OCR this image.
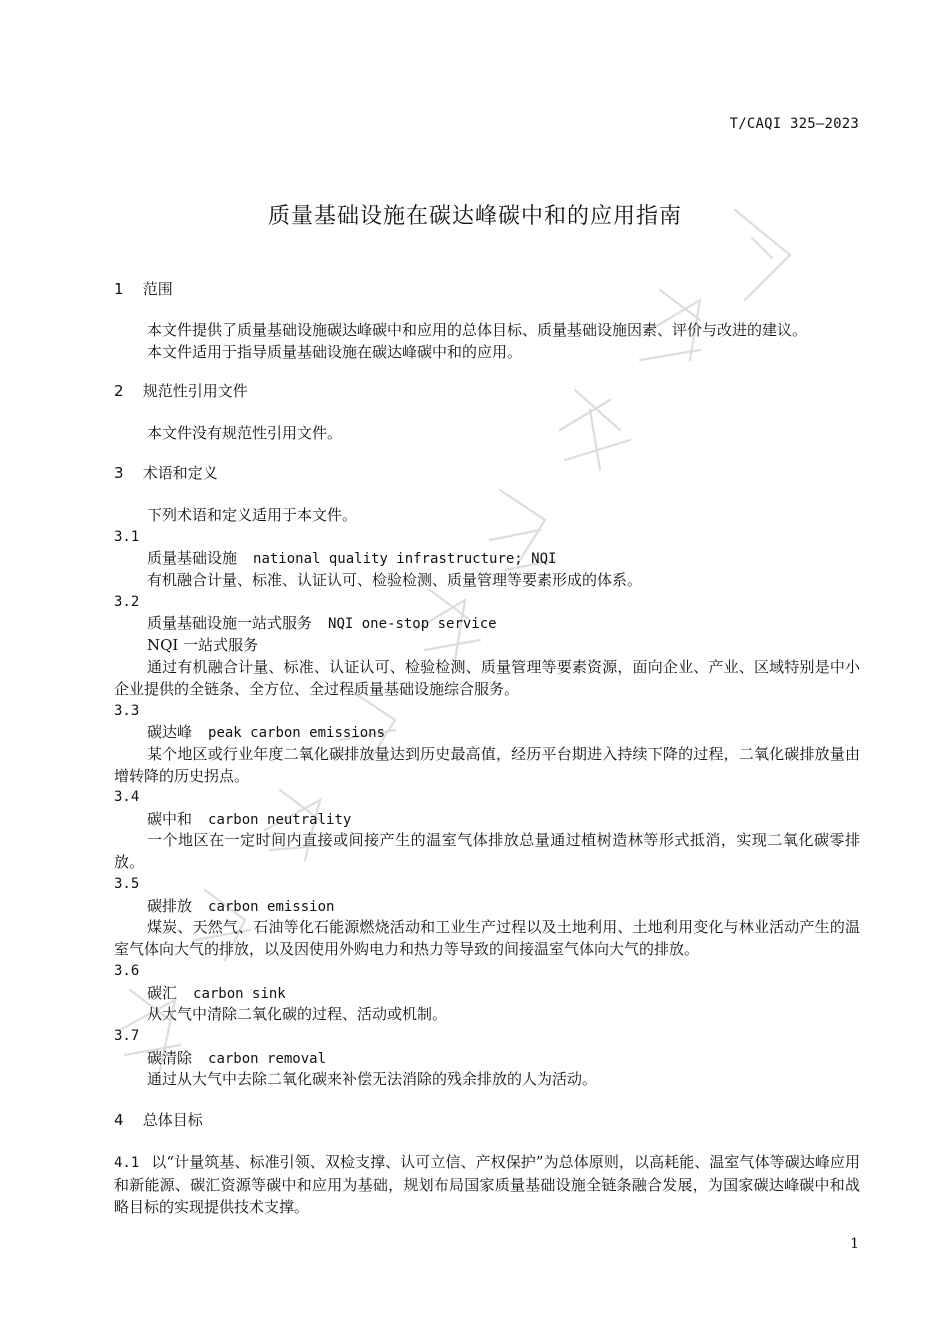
T/CAQI 325—2023
质量基础设施在碳达峰碳中和的应用指南
1 范围
本文件提供了质量基础设施碳达峰碳中和应用的总体目标、质量基础设施因素、评价与改进的建议。
本文件适用于指导质量基础设施在碳达峰碳中和的应用。
2 规范性引用文件
本文件没有规范性引用文件。
3 术语和定义
下列术语和定义适用于本文件。
3.1
质量基础设施 national quality infrastructure; NQI
有机融合计量、标准、认证认可、检验检测、质量管理等要素形成的体系。
3.2
质量基础设施一站式服务 NQI one-stop service
NQI 一站式服务
通过有机融合计量、标准、认证认可、检验检测、质量管理等要素资源，面向企业、产业、区域特别是中小企业提供的全链条、全方位、全过程质量基础设施综合服务。
3.3
碳达峰 peak carbon emissions
某个地区或行业年度二氧化碳排放量达到历史最高值，经历平台期进入持续下降的过程，二氧化碳排放量由增转降的历史拐点。
3.4
碳中和 carbon neutrality
一个地区在一定时间内直接或间接产生的温室气体排放总量通过植树造林等形式抵消，实现二氧化碳零排放。
3.5
碳排放 carbon emission
煤炭、天然气、石油等化石能源燃烧活动和工业生产过程以及土地利用、土地利用变化与林业活动产生的温室气体向大气的排放，以及因使用外购电力和热力等导致的间接温室气体向大气的排放。
3.6
碳汇 carbon sink
从大气中清除二氧化碳的过程、活动或机制。
3.7
碳清除 carbon removal
通过从大气中去除二氧化碳来补偿无法消除的残余排放的人为活动。
4 总体目标
4.1 以“计量筑基、标准引领、双检支撑、认可立信、产权保护”为总体原则，以高耗能、温室气体等碳达峰应用和新能源、碳汇资源等碳中和应用为基础，规划布局国家质量基础设施全链条融合发展，为国家碳达峰碳中和战略目标的实现提供技术支撑。
1
